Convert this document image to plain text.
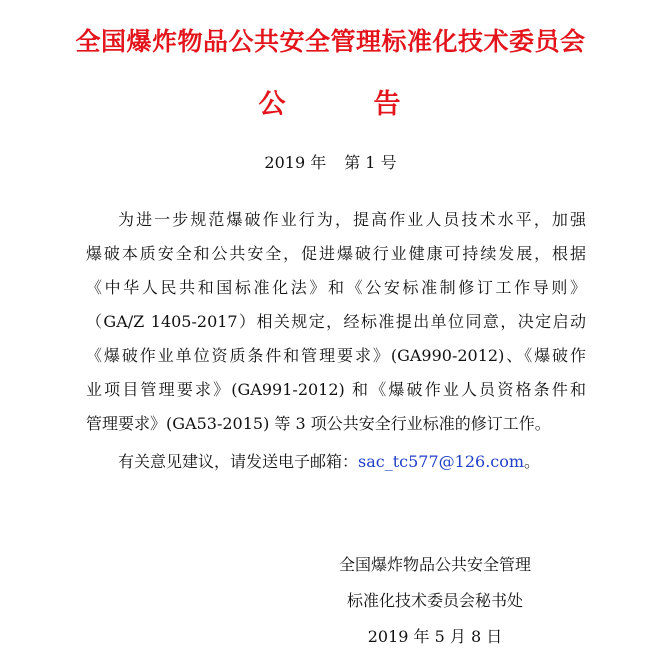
全国爆炸物品公共安全管理标准化技术委员会
公	告
2019 年 第 1 号
为进一步规范爆破作业行为，提高作业人员技术水平，加强
爆破本质安全和公共安全，促进爆破行业健康可持续发展，根据
《中华人民共和国标准化法》和《公安标准制修订工作导则》
（GA/Z 1405-2017）相关规定，经标准提出单位同意，决定启动
《爆破作业单位资质条件和管理要求》(GA990-2012)、《爆破作
业项目管理要求》(GA991-2012) 和《爆破作业人员资格条件和
管理要求》(GA53-2015) 等 3 项公共安全行业标准的修订工作。
有关意见建议，请发送电子邮箱：sac_tc577@126.com。
全国爆炸物品公共安全管理
标准化技术委员会秘书处
2019 年 5 月 8 日
